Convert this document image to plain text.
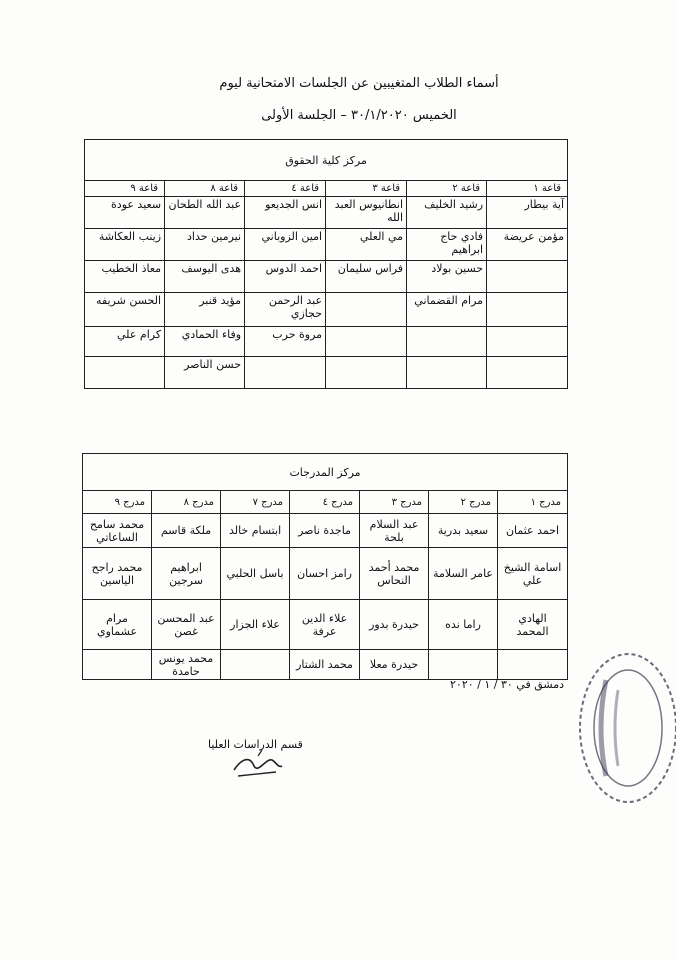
أسماء الطلاب المتغيبين عن الجلسات الامتحانية ليوم
الخميس ٣٠/١/٢٠٢٠ – الجلسة الأولى
مركز كلية الحقوق					
قاعة ١	قاعة ٢	قاعة ٣	قاعة ٤	قاعة ٨	قاعة ٩
آية بيطار	رشيد الخليف	انطانيوس العبد الله	انس الجديعو	عبد الله الطحان	سعيد عودة
مؤمن عريضة	فادي حاج ابراهيم	مي العلي	امين الزوباني	نيرمين حداد	زينب العكاشة
	حسين بولاد	فراس سليمان	احمد الدوس	هدى اليوسف	معاذ الخطيب
	مرام القضماني		عبد الرحمن حجازي	مؤيد قنبر	الحسن شريفه
			مروة حرب	وفاء الحمادي	كرام علي
				حسن الناصر	
مركز المدرجات						
مدرج ١	مدرج ٢	مدرج ٣	مدرج ٤	مدرج ٧	مدرج ٨	مدرج ٩
احمد عثمان	سعيد بدرية	عبد السلام بلحة	ماجدة ناصر	ابتسام خالد	ملكة قاسم	محمد سامح الساعاتي
اسامة الشيخ علي	عامر السلامة	محمد أحمد النحاس	رامز احسان	باسل الحلبي	ابراهيم سرجين	محمد راجح الياسين
الهادي المحمد	راما نده	حيدرة بدور	علاء الدين عرفة	علاء الجزار	عبد المحسن غصن	مرام عشماوي
		حيدرة معلا	محمد الشتار		محمد يونس حامدة	
دمشق في ٣٠ / ١ / ٢٠٢٠
قسم الدراسات العليا
